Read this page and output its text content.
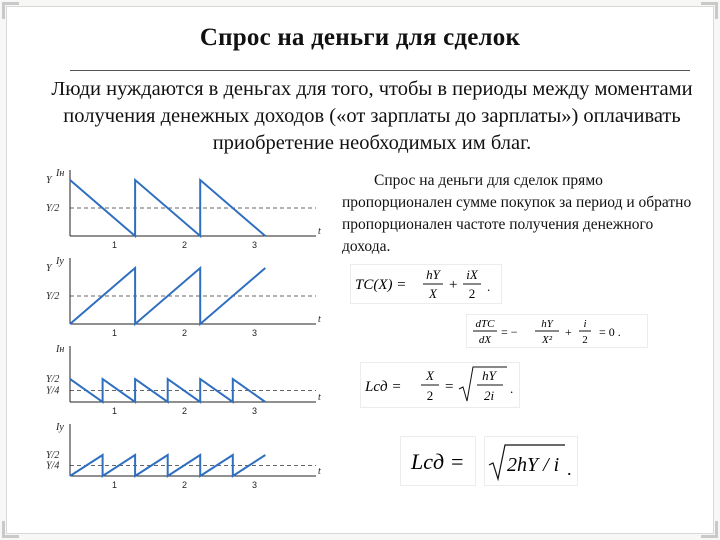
Спрос на деньги для сделок
Люди нуждаются в деньгах для того, чтобы в периоды между моментами получения денежных доходов («от зарплаты до зарплаты») оплачивать приобретение необходимых им благ.
Iн
t
Y
Y/2
1	2	3
Iу
t
Y
Y/2
1	2	3
Iн
t
Y/2
Y/4
1	2	3
Iу
t
Y/2
Y/4
1	2	3
Спрос на деньги для сделок прямо
пропорционален сумме покупок за период и обратно пропорционален частоте получения денежного дохода.
TC(X) =
hY
X
+
iX
2 .
dTC
dX
= −
hY
X²
+
i
2
= 0 .
Lсд =
X
2
=
hY
2i .
Lсд = 2hY / i .
